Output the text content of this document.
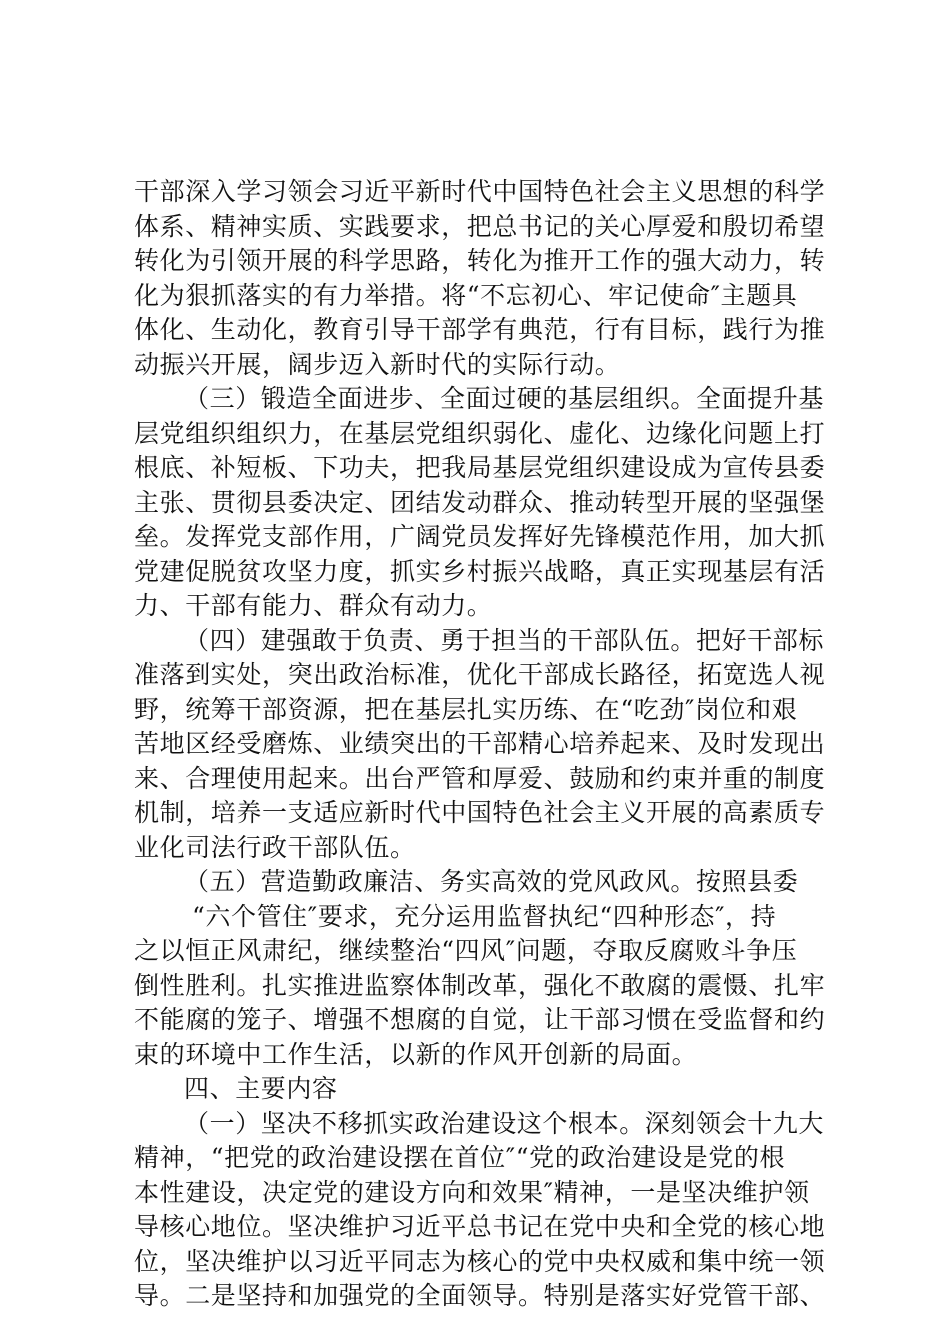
干部深入学习领会习近平新时代中国特色社会主义思想的科学
体系、精神实质、实践要求，把总书记的关心厚爱和殷切希望
转化为引领开展的科学思路，转化为推开工作的强大动力，转
化为狠抓落实的有力举措。将“不忘初心、牢记使命″主题具
体化、生动化，教育引导干部学有典范，行有目标，践行为推
动振兴开展，阔步迈入新时代的实际行动。
（三）锻造全面进步、全面过硬的基层组织。全面提升基
层党组织组织力，在基层党组织弱化、虚化、边缘化问题上打
根底、补短板、下功夫，把我局基层党组织建设成为宣传县委
主张、贯彻县委决定、团结发动群众、推动转型开展的坚强堡
垒。发挥党支部作用，广阔党员发挥好先锋模范作用，加大抓
党建促脱贫攻坚力度，抓实乡村振兴战略，真正实现基层有活
力、干部有能力、群众有动力。
（四）建强敢于负责、勇于担当的干部队伍。把好干部标
准落到实处，突出政治标准，优化干部成长路径，拓宽选人视
野，统筹干部资源，把在基层扎实历练、在“吃劲″岗位和艰
苦地区经受磨炼、业绩突出的干部精心培养起来、及时发现出
来、合理使用起来。出台严管和厚爱、鼓励和约束并重的制度
机制，培养一支适应新时代中国特色社会主义开展的高素质专
业化司法行政干部队伍。
（五）营造勤政廉洁、务实高效的党风政风。按照县委
“六个管住″要求，充分运用监督执纪“四种形态″，持
之以恒正风肃纪，继续整治“四风″问题，夺取反腐败斗争压
倒性胜利。扎实推进监察体制改革，强化不敢腐的震慑、扎牢
不能腐的笼子、增强不想腐的自觉，让干部习惯在受监督和约
束的环境中工作生活，以新的作风开创新的局面。
四、主要内容
（一）坚决不移抓实政治建设这个根本。深刻领会十九大
精神，“把党的政治建设摆在首位″“党的政治建设是党的根
本性建设，决定党的建设方向和效果″精神，一是坚决维护领
导核心地位。坚决维护习近平总书记在党中央和全党的核心地
位，坚决维护以习近平同志为核心的党中央权威和集中统一领
导。二是坚持和加强党的全面领导。特别是落实好党管干部、
